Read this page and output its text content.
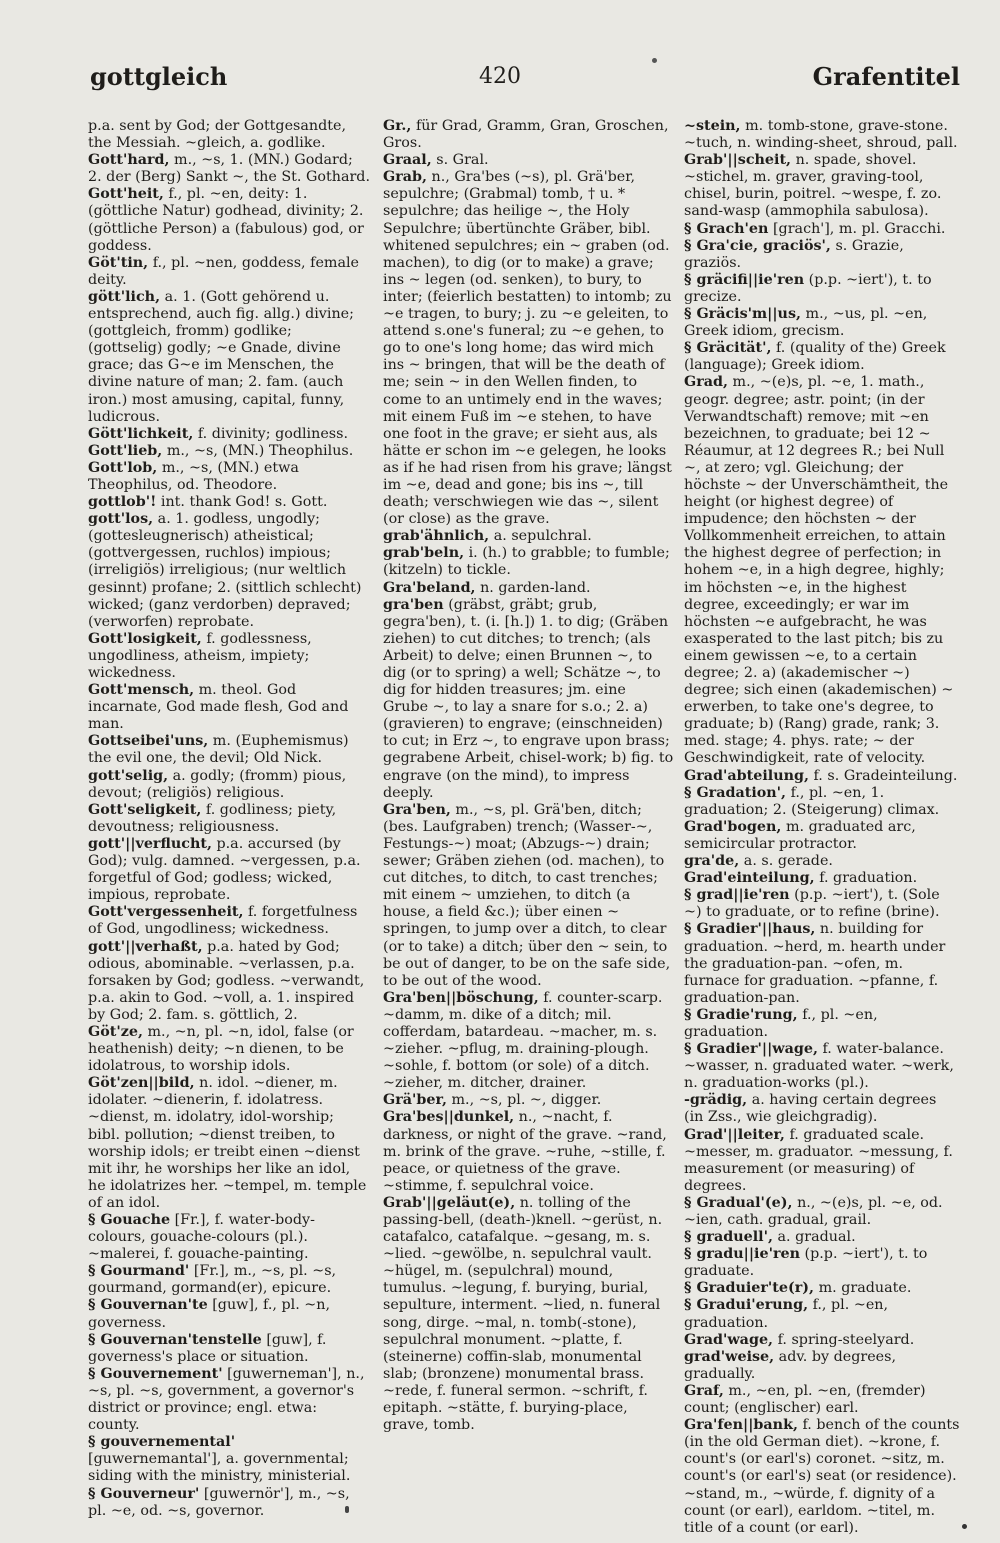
gottgleich	420	Grafentitel

p.a. sent by God; der Gottgesandte, the Messiah. ~gleich, a. godlike.

Gott'hard, m., ~s, 1. (MN.) Godard; 2. der (Berg) Sankt ~, the St. Gothard.

Gott'heit, f., pl. ~en, deity: 1. (göttliche Natur) godhead, divinity; 2. (göttliche Person) a (fabulous) god, or goddess.

Göt'tin, f., pl. ~nen, goddess, female deity.

gött'lich, a. 1. (Gott gehörend u. entsprechend, auch fig. allg.) divine; (gottgleich, fromm) godlike; (gottselig) godly; ~e Gnade, divine grace; das G~e im Menschen, the divine nature of man; 2. fam. (auch iron.) most amusing, capital, funny, ludicrous.

Gött'lichkeit, f. divinity; godliness.

Gott'lieb, m., ~s, (MN.) Theophilus.

Gott'lob, m., ~s, (MN.) etwa Theophilus, od. Theodore.

gottlob'! int. thank God! s. Gott.

gott'los, a. 1. godless, ungodly; (gottesleugnerisch) atheistical; (gottvergessen, ruchlos) impious; (irreligiös) irreligious; (nur weltlich gesinnt) profane; 2. (sittlich schlecht) wicked; (ganz verdorben) depraved; (verworfen) reprobate.

Gott'losigkeit, f. godlessness, ungodliness, atheism, impiety; wickedness.

Gott'mensch, m. theol. God incarnate, God made flesh, God and man.

Gottseibei'uns, m. (Euphemismus) the evil one, the devil; Old Nick.

gott'selig, a. godly; (fromm) pious, devout; (religiös) religious.

Gott'seligkeit, f. godliness; piety, devoutness; religiousness.

gott'||verflucht, p.a. accursed (by God); vulg. damned. ~vergessen, p.a. forgetful of God; godless; wicked, impious, reprobate.

Gott'vergessenheit, f. forgetfulness of God, ungodliness; wickedness.

gott'||verhaßt, p.a. hated by God; odious, abominable. ~verlassen, p.a. forsaken by God; godless. ~verwandt, p.a. akin to God. ~voll, a. 1. inspired by God; 2. fam. s. göttlich, 2.

Göt'ze, m., ~n, pl. ~n, idol, false (or heathenish) deity; ~n dienen, to be idolatrous, to worship idols.

Göt'zen||bild, n. idol. ~diener, m. idolater. ~dienerin, f. idolatress. ~dienst, m. idolatry, idol-worship; bibl. pollution; ~dienst treiben, to worship idols; er treibt einen ~dienst mit ihr, he worships her like an idol, he idolatrizes her. ~tempel, m. temple of an idol.

§ Gouache [Fr.], f. water-body-colours, gouache-colours (pl.). ~malerei, f. gouache-painting.

§ Gourmand' [Fr.], m., ~s, pl. ~s, gourmand, gormand(er), epicure.

§ Gouvernan'te [guw], f., pl. ~n, governess.

§ Gouvernan'tenstelle [guw], f. governess's place or situation.

§ Gouvernement' [guwerneman'], n., ~s, pl. ~s, government, a governor's district or province; engl. etwa: county.

§ gouvernemental' [guwernemantal'], a. governmental; siding with the ministry, ministerial.

§ Gouverneur' [guwernör'], m., ~s, pl. ~e, od. ~s, governor.

Gr., für Grad, Gramm, Gran, Groschen, Gros.

Graal, s. Gral.

Grab, n., Gra'bes (~s), pl. Grä'ber, sepulchre; (Grabmal) tomb, † u. * sepulchre; das heilige ~, the Holy Sepulchre; übertünchte Gräber, bibl. whitened sepulchres; ein ~ graben (od. machen), to dig (or to make) a grave; ins ~ legen (od. senken), to bury, to inter; (feierlich bestatten) to intomb; zu ~e tragen, to bury; j. zu ~e geleiten, to attend s.one's funeral; zu ~e gehen, to go to one's long home; das wird mich ins ~ bringen, that will be the death of me; sein ~ in den Wellen finden, to come to an untimely end in the waves; mit einem Fuß im ~e stehen, to have one foot in the grave; er sieht aus, als hätte er schon im ~e gelegen, he looks as if he had risen from his grave; längst im ~e, dead and gone; bis ins ~, till death; verschwiegen wie das ~, silent (or close) as the grave.

grab'ähnlich, a. sepulchral.

grab'beln, i. (h.) to grabble; to fumble; (kitzeln) to tickle.

Gra'beland, n. garden-land.

gra'ben (gräbst, gräbt; grub, gegra'ben), t. (i. [h.]) 1. to dig; (Gräben ziehen) to cut ditches; to trench; (als Arbeit) to delve; einen Brunnen ~, to dig (or to spring) a well; Schätze ~, to dig for hidden treasures; jm. eine Grube ~, to lay a snare for s.o.; 2. a) (gravieren) to engrave; (einschneiden) to cut; in Erz ~, to engrave upon brass; gegrabene Arbeit, chisel-work; b) fig. to engrave (on the mind), to impress deeply.

Gra'ben, m., ~s, pl. Grä'ben, ditch; (bes. Laufgraben) trench; (Wasser-~, Festungs-~) moat; (Abzugs-~) drain; sewer; Gräben ziehen (od. machen), to cut ditches, to ditch, to cast trenches; mit einem ~ umziehen, to ditch (a house, a field &c.); über einen ~ springen, to jump over a ditch, to clear (or to take) a ditch; über den ~ sein, to be out of danger, to be on the safe side, to be out of the wood.

Gra'ben||böschung, f. counter-scarp. ~damm, m. dike of a ditch; mil. cofferdam, batardeau. ~macher, m. s. ~zieher. ~pflug, m. draining-plough. ~sohle, f. bottom (or sole) of a ditch. ~zieher, m. ditcher, drainer.

Grä'ber, m., ~s, pl. ~, digger.

Gra'bes||dunkel, n., ~nacht, f. darkness, or night of the grave. ~rand, m. brink of the grave. ~ruhe, ~stille, f. peace, or quietness of the grave. ~stimme, f. sepulchral voice.

Grab'||geläut(e), n. tolling of the passing-bell, (death-)knell. ~gerüst, n. catafalco, catafalque. ~gesang, m. s. ~lied. ~gewölbe, n. sepulchral vault. ~hügel, m. (sepulchral) mound, tumulus. ~legung, f. burying, burial, sepulture, interment. ~lied, n. funeral song, dirge. ~mal, n. tomb(-stone), sepulchral monument. ~platte, f. (steinerne) coffin-slab, monumental slab; (bronzene) monumental brass. ~rede, f. funeral sermon. ~schrift, f. epitaph. ~stätte, f. burying-place, grave, tomb.

~stein, m. tomb-stone, grave-stone. ~tuch, n. winding-sheet, shroud, pall.

Grab'||scheit, n. spade, shovel. ~stichel, m. graver, graving-tool, chisel, burin, poitrel. ~wespe, f. zo. sand-wasp (ammophila sabulosa).

§ Grach'en [grach'], m. pl. Gracchi.

§ Gra'cie, graciös', s. Grazie, graziös.

§ gräcifi||ie'ren (p.p. ~iert'), t. to grecize.

§ Gräcis'm||us, m., ~us, pl. ~en, Greek idiom, grecism.

§ Gräcität', f. (quality of the) Greek (language); Greek idiom.

Grad, m., ~(e)s, pl. ~e, 1. math., geogr. degree; astr. point; (in der Verwandtschaft) remove; mit ~en bezeichnen, to graduate; bei 12 ~ Réaumur, at 12 degrees R.; bei Null ~, at zero; vgl. Gleichung; der höchste ~ der Unverschämtheit, the height (or highest degree) of impudence; den höchsten ~ der Vollkommenheit erreichen, to attain the highest degree of perfection; in hohem ~e, in a high degree, highly; im höchsten ~e, in the highest degree, exceedingly; er war im höchsten ~e aufgebracht, he was exasperated to the last pitch; bis zu einem gewissen ~e, to a certain degree; 2. a) (akademischer ~) degree; sich einen (akademischen) ~ erwerben, to take one's degree, to graduate; b) (Rang) grade, rank; 3. med. stage; 4. phys. rate; ~ der Geschwindigkeit, rate of velocity.

Grad'abteilung, f. s. Gradeinteilung.

§ Gradation', f., pl. ~en, 1. graduation; 2. (Steigerung) climax.

Grad'bogen, m. graduated arc, semicircular protractor.

gra'de, a. s. gerade.

Grad'einteilung, f. graduation.

§ grad||ie'ren (p.p. ~iert'), t. (Sole ~) to graduate, or to refine (brine).

§ Gradier'||haus, n. building for graduation. ~herd, m. hearth under the graduation-pan. ~ofen, m. furnace for graduation. ~pfanne, f. graduation-pan.

§ Gradie'rung, f., pl. ~en, graduation.

§ Gradier'||wage, f. water-balance. ~wasser, n. graduated water. ~werk, n. graduation-works (pl.).

-grädig, a. having certain degrees (in Zss., wie gleichgradig).

Grad'||leiter, f. graduated scale. ~messer, m. graduator. ~messung, f. measurement (or measuring) of degrees.

§ Gradual'(e), n., ~(e)s, pl. ~e, od. ~ien, cath. gradual, grail.

§ graduell', a. gradual.

§ gradu||ie'ren (p.p. ~iert'), t. to graduate.

§ Graduier'te(r), m. graduate.

§ Gradui'erung, f., pl. ~en, graduation.

Grad'wage, f. spring-steelyard.

grad'weise, adv. by degrees, gradually.

Graf, m., ~en, pl. ~en, (fremder) count; (englischer) earl.

Gra'fen||bank, f. bench of the counts (in the old German diet). ~krone, f. count's (or earl's) coronet. ~sitz, m. count's (or earl's) seat (or residence). ~stand, m., ~würde, f. dignity of a count (or earl), earldom. ~titel, m. title of a count (or earl).
